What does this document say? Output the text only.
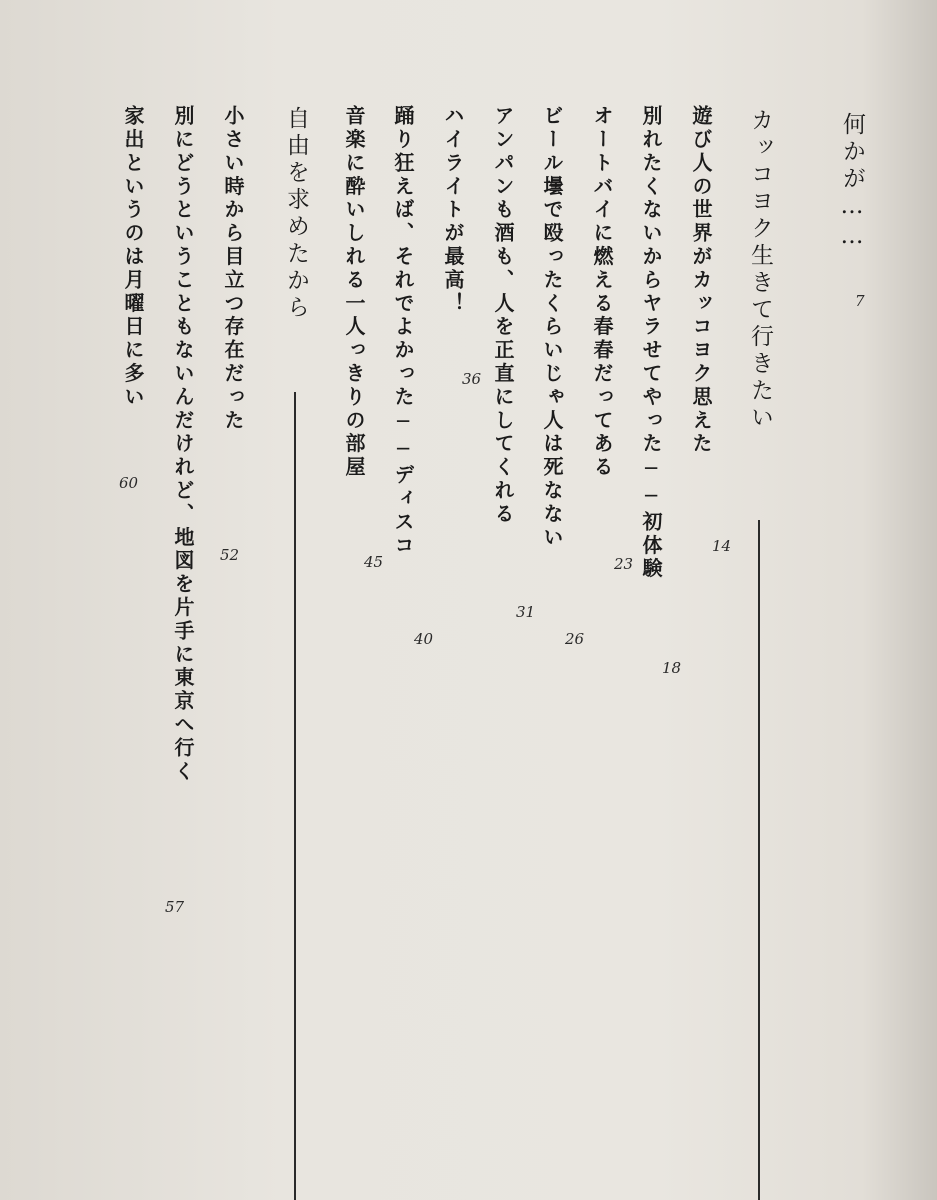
何かが……
7
カッコヨク生きて行きたい
遊び人の世界がカッコヨク思えた
14
別れたくないからヤラせてやった──初体験
18
オートバイに燃える春春だってある
23
ビール壜で殴ったくらいじゃ人は死なない
26
アンパンも酒も、人を正直にしてくれる
31
ハイライトが最高！
36
踊り狂えば、それでよかった──ディスコ
40
音楽に酔いしれる一人っきりの部屋
45
自由を求めたから
小さい時から目立つ存在だった
52
別にどうということもないんだけれど、地図を片手に東京へ行く
57
家出というのは月曜日に多い
60
